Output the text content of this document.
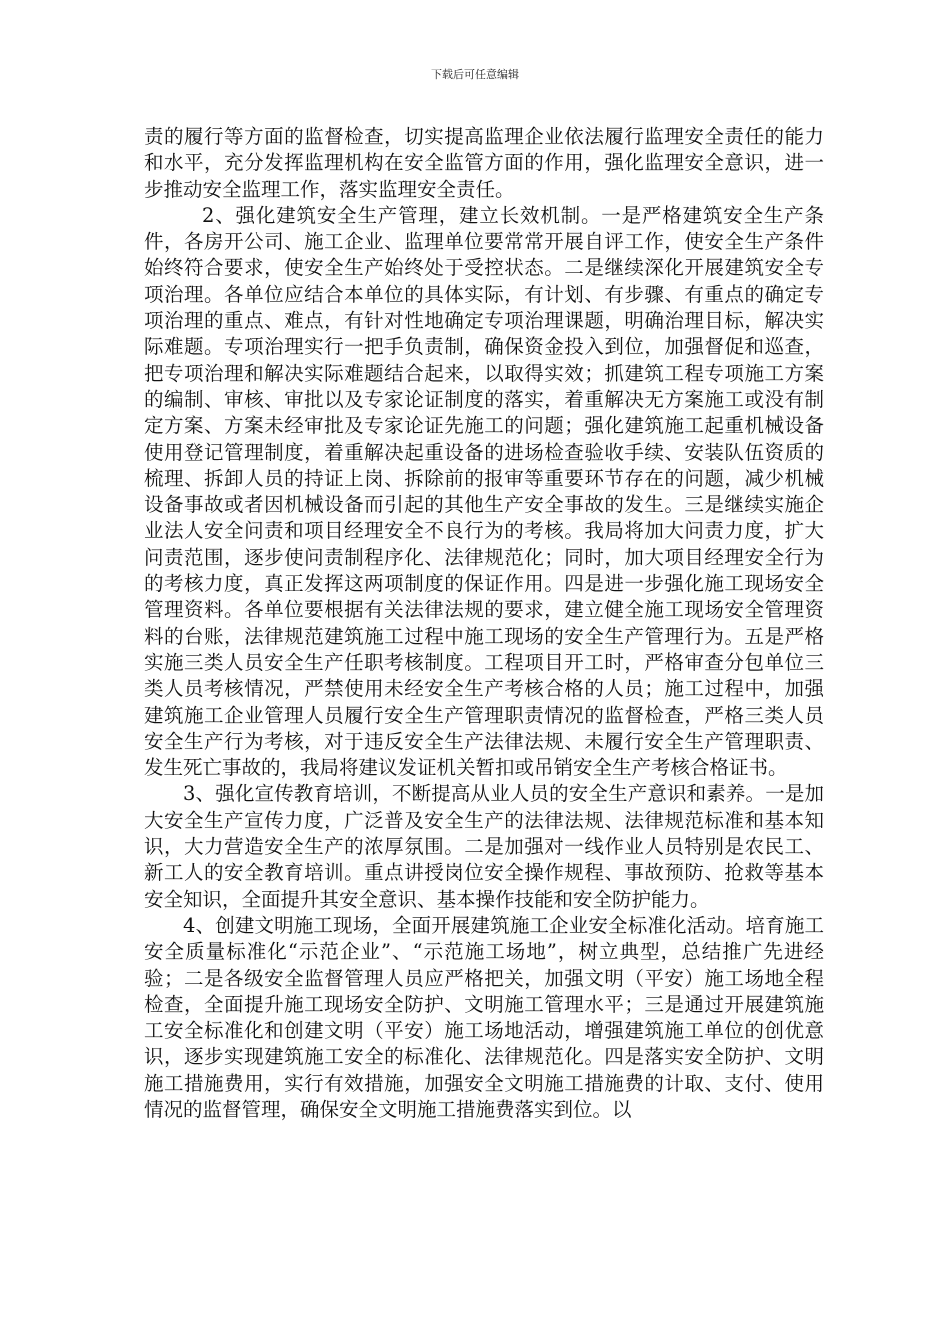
下载后可任意编辑

责的履行等方面的监督检查，切实提高监理企业依法履行监理安全责任的能力和水平，充分发挥监理机构在安全监管方面的作用，强化监理安全意识，进一步推动安全监理工作，落实监理安全责任。

2、强化建筑安全生产管理，建立长效机制。一是严格建筑安全生产条件，各房开公司、施工企业、监理单位要常常开展自评工作，使安全生产条件始终符合要求，使安全生产始终处于受控状态。二是继续深化开展建筑安全专项治理。各单位应结合本单位的具体实际，有计划、有步骤、有重点的确定专项治理的重点、难点，有针对性地确定专项治理课题，明确治理目标，解决实际难题。专项治理实行一把手负责制，确保资金投入到位，加强督促和巡查，把专项治理和解决实际难题结合起来，以取得实效；抓建筑工程专项施工方案的编制、审核、审批以及专家论证制度的落实，着重解决无方案施工或没有制定方案、方案未经审批及专家论证先施工的问题；强化建筑施工起重机械设备使用登记管理制度，着重解决起重设备的进场检查验收手续、安装队伍资质的梳理、拆卸人员的持证上岗、拆除前的报审等重要环节存在的问题，减少机械设备事故或者因机械设备而引起的其他生产安全事故的发生。三是继续实施企业法人安全问责和项目经理安全不良行为的考核。我局将加大问责力度，扩大问责范围，逐步使问责制程序化、法律规范化；同时，加大项目经理安全行为的考核力度，真正发挥这两项制度的保证作用。四是进一步强化施工现场安全管理资料。各单位要根据有关法律法规的要求，建立健全施工现场安全管理资料的台账，法律规范建筑施工过程中施工现场的安全生产管理行为。五是严格实施三类人员安全生产任职考核制度。工程项目开工时，严格审查分包单位三类人员考核情况，严禁使用未经安全生产考核合格的人员；施工过程中，加强建筑施工企业管理人员履行安全生产管理职责情况的监督检查，严格三类人员安全生产行为考核，对于违反安全生产法律法规、未履行安全生产管理职责、发生死亡事故的，我局将建议发证机关暂扣或吊销安全生产考核合格证书。

3、强化宣传教育培训，不断提高从业人员的安全生产意识和素养。一是加大安全生产宣传力度，广泛普及安全生产的法律法规、法律规范标准和基本知识，大力营造安全生产的浓厚氛围。二是加强对一线作业人员特别是农民工、新工人的安全教育培训。重点讲授岗位安全操作规程、事故预防、抢救等基本安全知识，全面提升其安全意识、基本操作技能和安全防护能力。

4、创建文明施工现场，全面开展建筑施工企业安全标准化活动。培育施工安全质量标准化“示范企业”、“示范施工场地”，树立典型，总结推广先进经验；二是各级安全监督管理人员应严格把关，加强文明（平安）施工场地全程检查，全面提升施工现场安全防护、文明施工管理水平；三是通过开展建筑施工安全标准化和创建文明（平安）施工场地活动，增强建筑施工单位的创优意识，逐步实现建筑施工安全的标准化、法律规范化。四是落实安全防护、文明施工措施费用，实行有效措施，加强安全文明施工措施费的计取、支付、使用情况的监督管理，确保安全文明施工措施费落实到位。以
